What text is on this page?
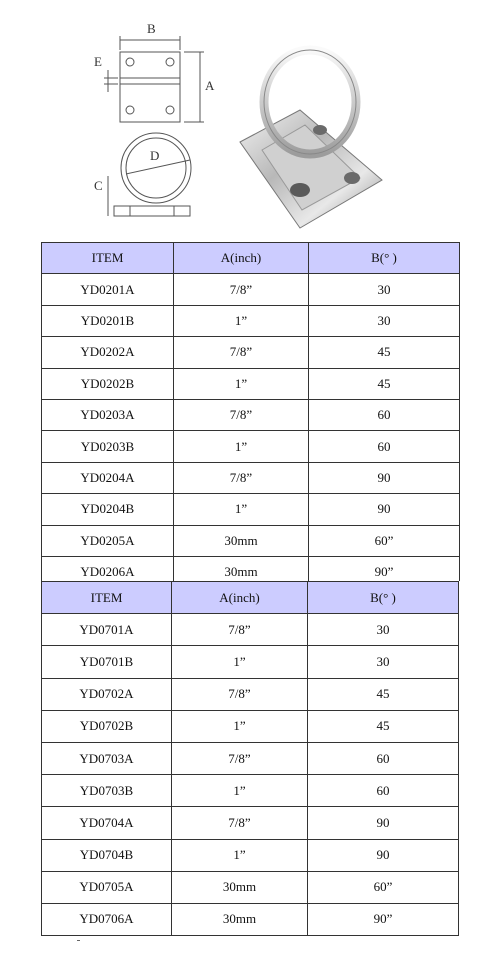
B
A
E
D
C
ITEM	A(inch)	B(° )
YD0201A	7/8”	30
YD0201B	1”	30
YD0202A	7/8”	45
YD0202B	1”	45
YD0203A	7/8”	60
YD0203B	1”	60
YD0204A	7/8”	90
YD0204B	1”	90
YD0205A	30mm	60”
YD0206A	30mm	90”
ITEM	A(inch)	B(° )
YD0701A	7/8”	30
YD0701B	1”	30
YD0702A	7/8”	45
YD0702B	1”	45
YD0703A	7/8”	60
YD0703B	1”	60
YD0704A	7/8”	90
YD0704B	1”	90
YD0705A	30mm	60”
YD0706A	30mm	90”
